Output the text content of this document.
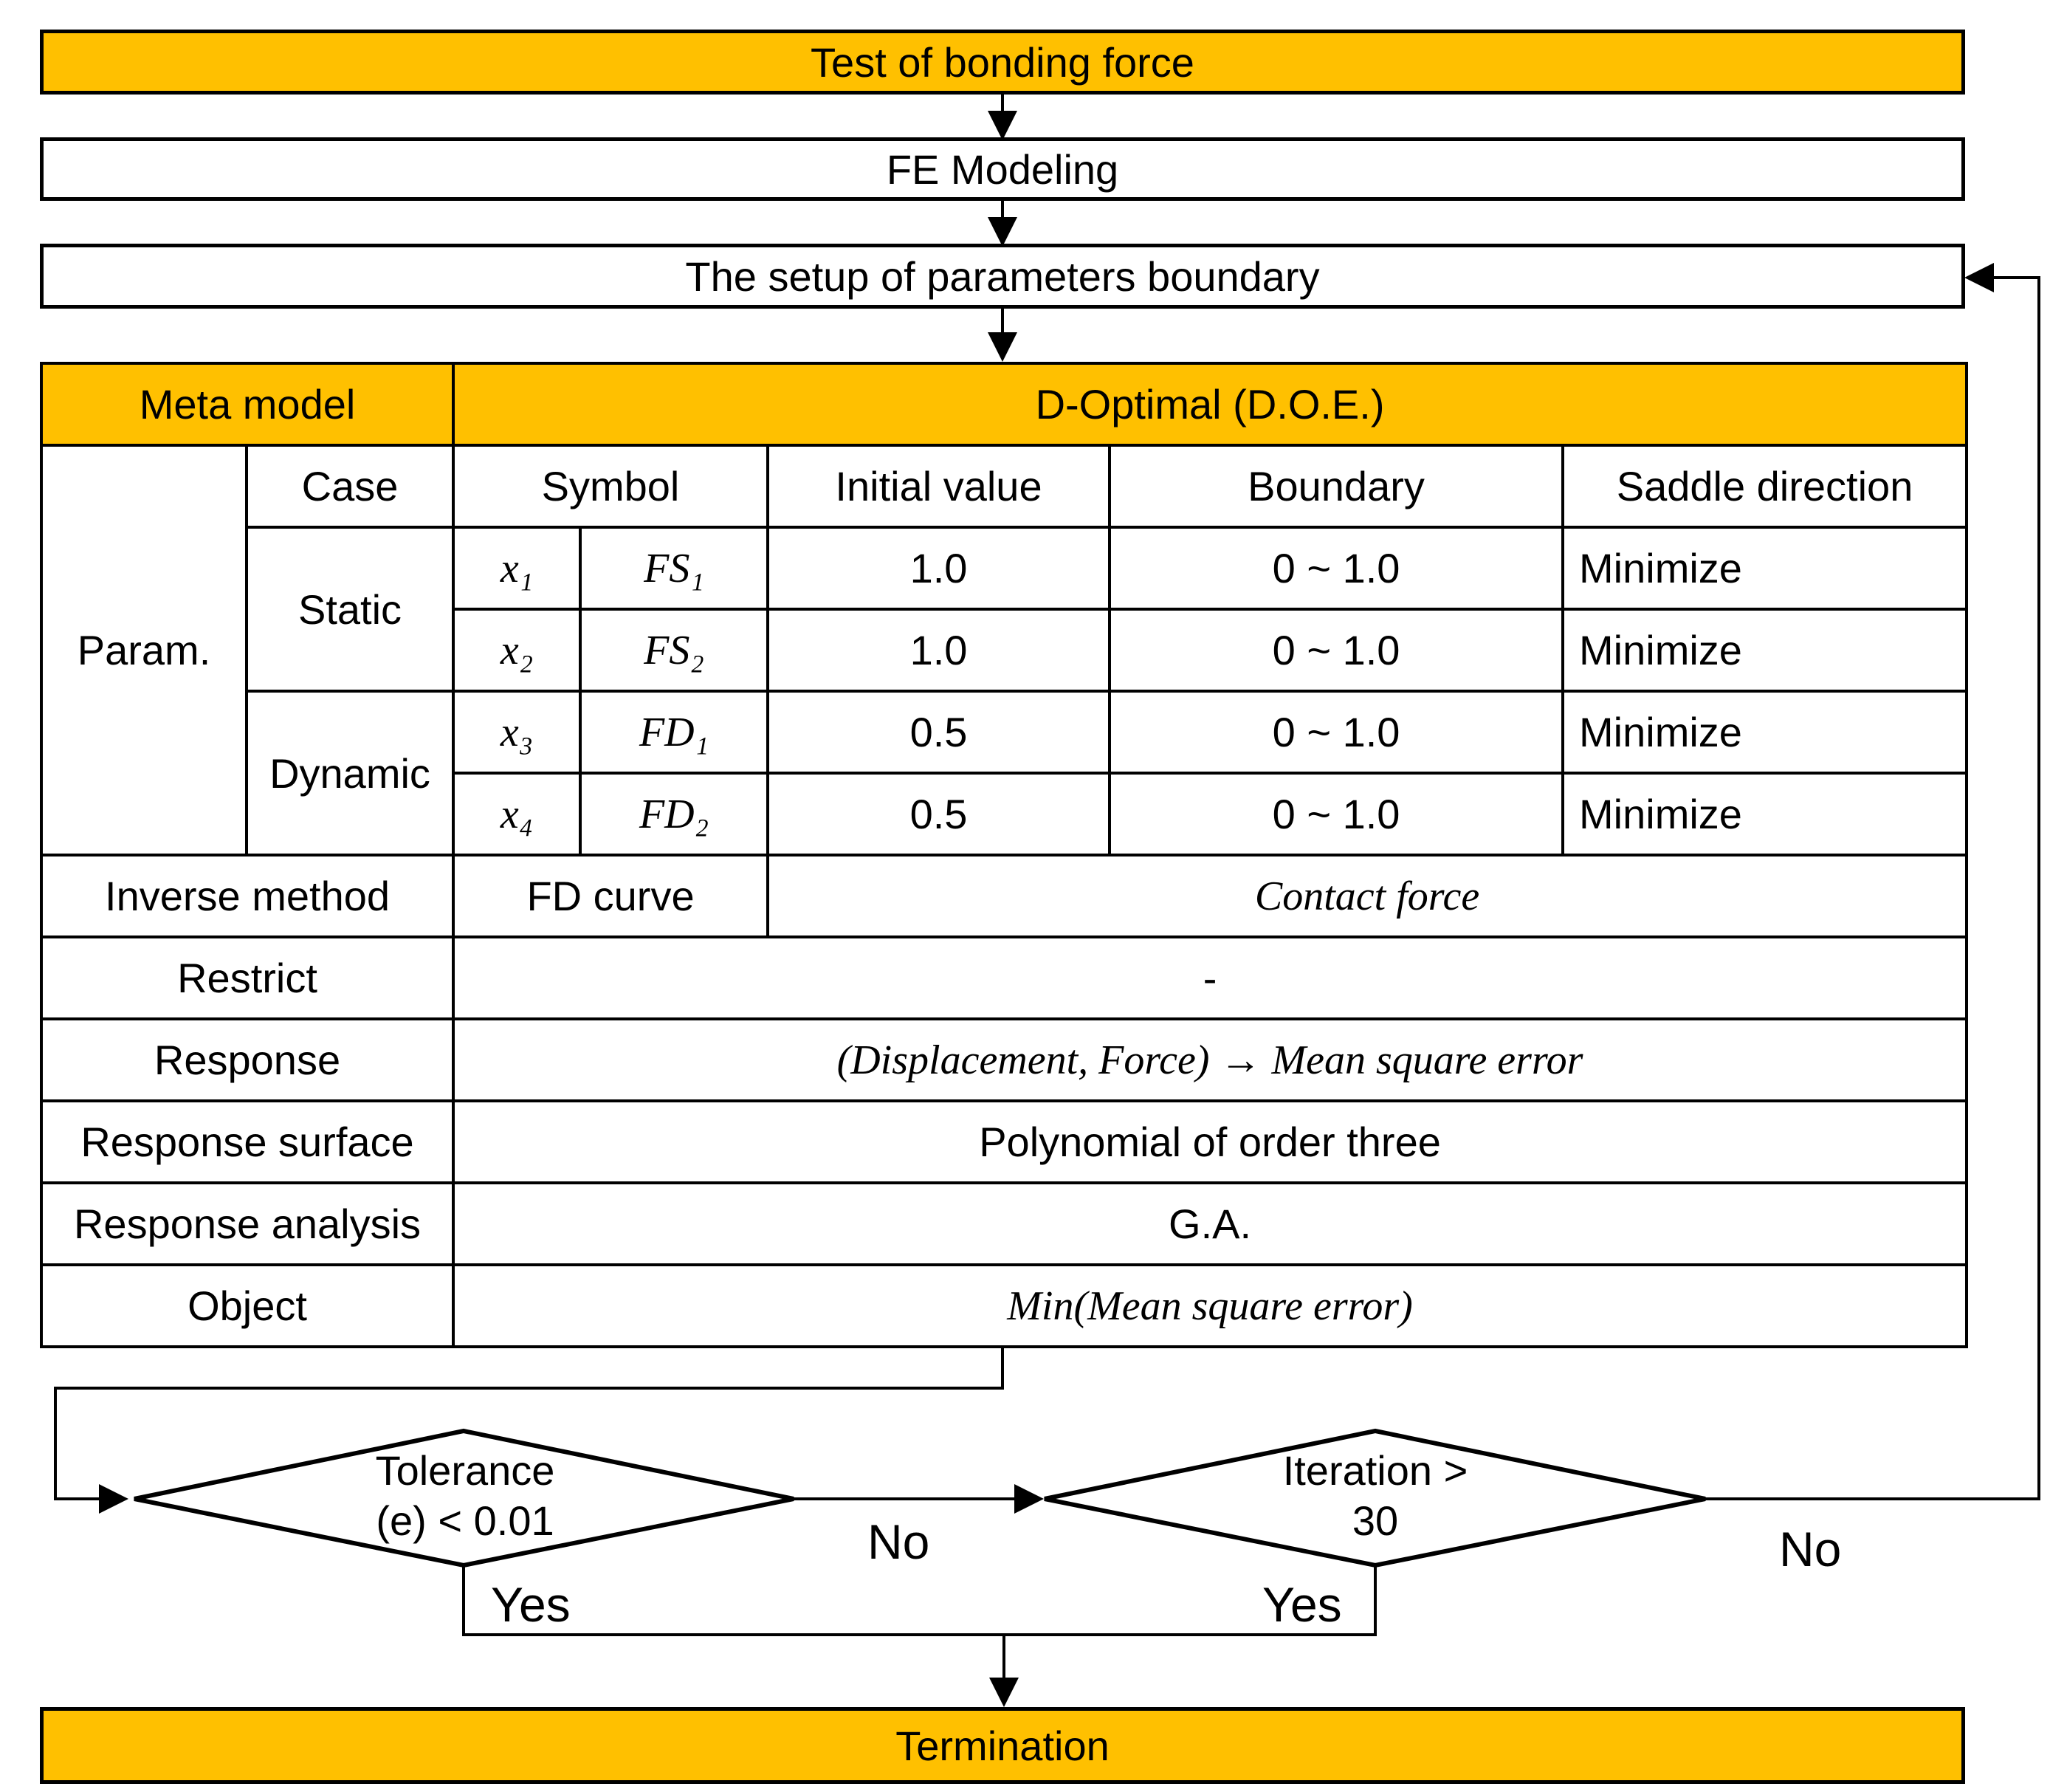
Test of bonding force
FE Modeling
The setup of parameters boundary
Meta model		D-Optimal (D.O.E.)				
Param.	Case	Symbol		Initial value	Boundary	Saddle direction
	Static	x₁	FS₁	1.0	0 ~ 1.0	Minimize
		x₂	FS₂	1.0	0 ~ 1.0	Minimize
	Dynamic	x₃	FD₁	0.5	0 ~ 1.0	Minimize
		x₄	FD₂	0.5	0 ~ 1.0	Minimize
Inverse method		FD curve		Contact force		
Restrict		-				
Response		(Displacement, Force) → Mean square error				
Response surface		Polynomial of order three				
Response analysis		G.A.				
Object		Min(Mean square error)				
Tolerance
(e) < 0.01
Iteration >
30
No	No
Yes	Yes
Termination
